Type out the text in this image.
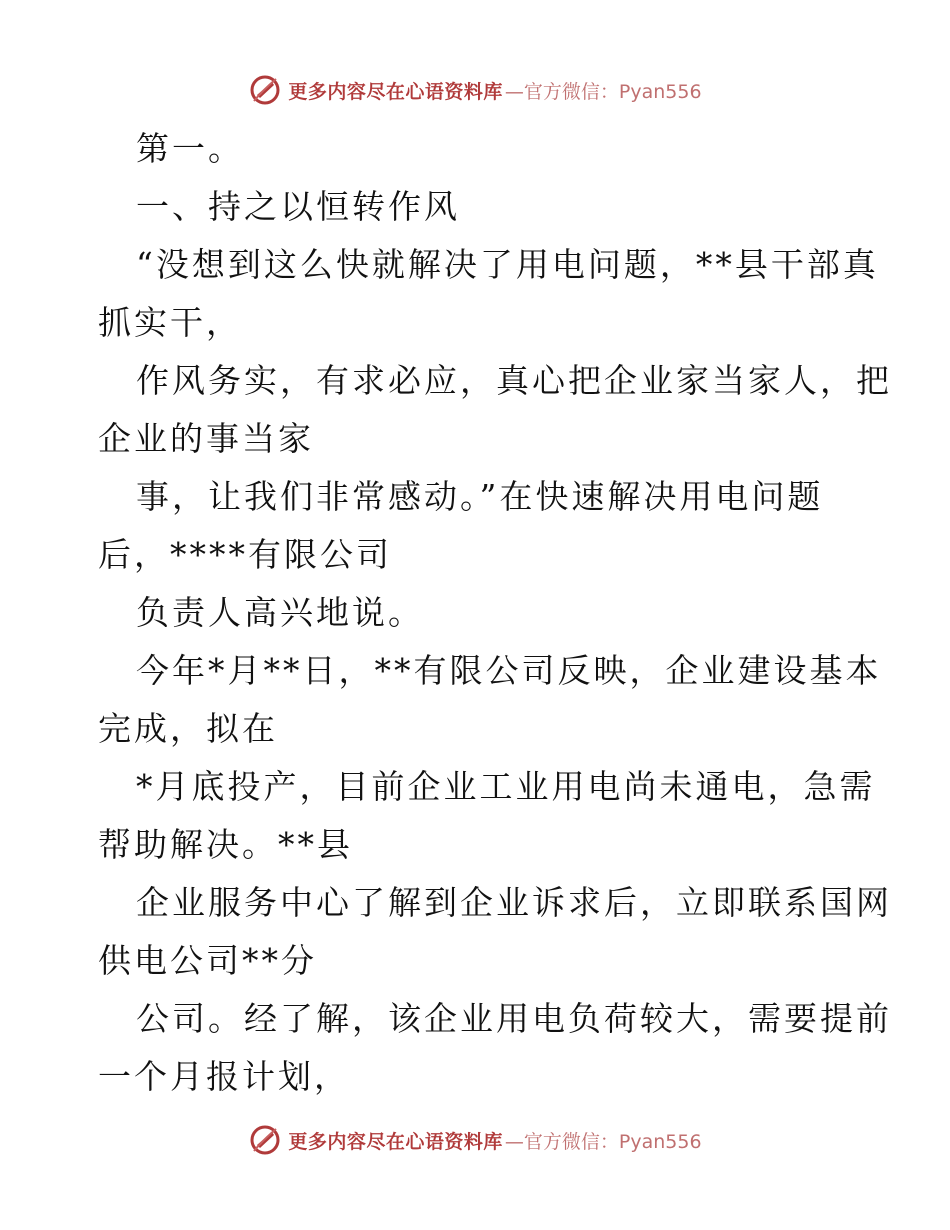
更多内容尽在心语资料库 —官方微信：Pyan556
第一。
一、持之以恒转作风
“没想到这么快就解决了用电问题，**县干部真
抓实干，
作风务实，有求必应，真心把企业家当家人，把
企业的事当家
事，让我们非常感动。”在快速解决用电问题
后，****有限公司
负责人高兴地说。
今年*月**日，**有限公司反映，企业建设基本
完成，拟在
*月底投产，目前企业工业用电尚未通电，急需
帮助解决。**县
企业服务中心了解到企业诉求后，立即联系国网
供电公司**分
公司。经了解，该企业用电负荷较大，需要提前
一个月报计划，
更多内容尽在心语资料库 —官方微信：Pyan556
